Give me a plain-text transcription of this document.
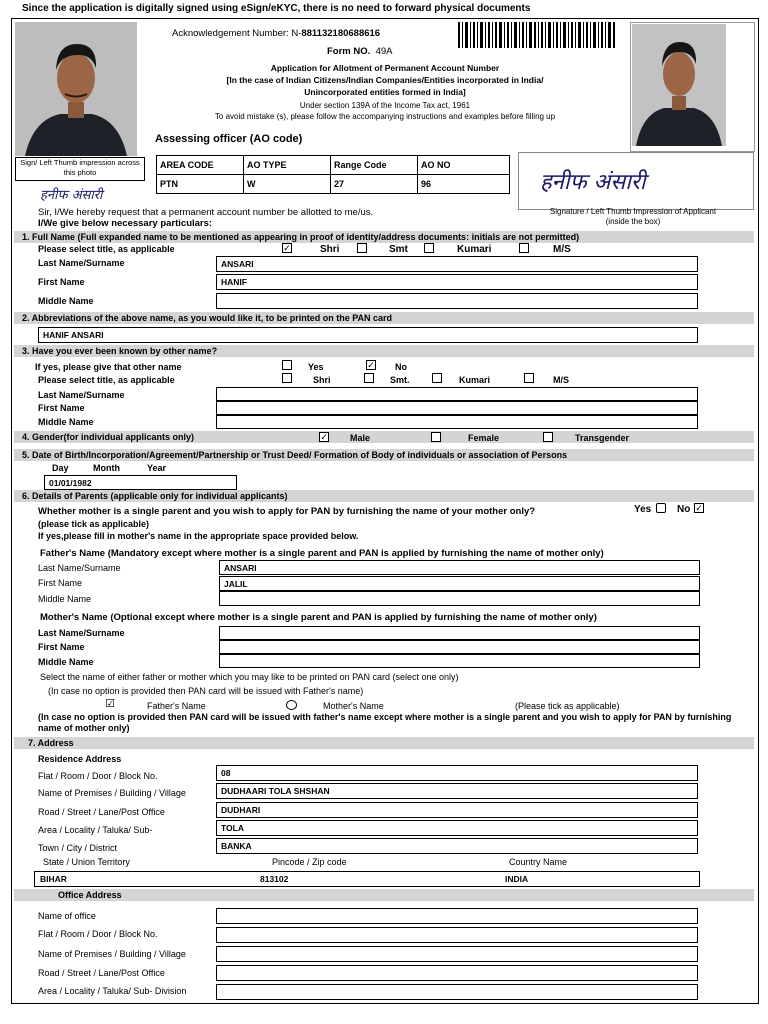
Since the application is digitally signed using eSign/eKYC, there is no need to forward physical documents
Sign/ Left Thumb impression across this photo
Acknowledgement Number: N-881132180688616
Form NO. 49A
Application for Allotment of Permanent Account Number
[In the case of Indian Citizens/Indian Companies/Entities incorporated in India/
Unincorporated entities formed in India]
Under section 139A of the Income Tax act, 1961
To avoid mistake (s), please follow the accompanying instructions and examples before filling up
Assessing officer (AO code)
AREA CODE	AO TYPE	Range Code	AO NO
PTN	W	27	96	हनीफ अंसारी
Signature / Left Thumb Impression of Applicant (inside the box)
हनीफ अंसारी
Sir, I/We hereby request that a permanent account number be allotted to me/us.
I/We give below necessary particulars:
1. Full Name (Full expanded name to be mentioned as appearing in proof of identity/address documents: initials are not permitted)
Please select title, as applicable	✓	Shri	Smt	Kumari	M/S
Last Name/Surname	ANSARI
First Name	HANIF
Middle Name
2. Abbreviations of the above name, as you would like it, to be printed on the PAN card
HANIF ANSARI
3. Have you ever been known by other name?
If yes, please give that other name	Yes	✓ No
Please select title, as applicable	Shri	Smt.	Kumari	M/S
Last Name/Surname
First Name
Middle Name
4. Gender(for individual applicants only)	✓ Male	Female	Transgender
5. Date of Birth/Incorporation/Agreement/Partnership or Trust Deed/ Formation of Body of individuals or association of Persons
Day	Month	Year
01/01/1982
6. Details of Parents (applicable only for individual applicants)
Whether mother is a single parent and you wish to apply for PAN by furnishing the name of your mother only?
(please tick as applicable)
If yes,please fill in mother's name in the appropriate space provided below.
Yes	No ✓
Father's Name (Mandatory except where mother is a single parent and PAN is applied by furnishing the name of mother only)
Last Name/Surname	ANSARI
First Name	JALIL
Middle Name
Mother's Name (Optional except where mother is a single parent and PAN is applied by furnishing the name of mother only)
Last Name/Surname
First Name
Middle Name
Select the name of either father or mother which you may like to be printed on PAN card (select one only)
(In case no option is provided then PAN card will be issued with Father's name)
☑	Father's Name	Mother's Name	(Please tick as applicable)
(In case no option is provided then PAN card will be issued with father's name except where mother is a single parent and you wish to apply for PAN by furnishing name of mother only)
7. Address
Residence Address
Flat / Room / Door / Block No.	08
Name of Premises / Building / Village	DUDHAARI TOLA SHSHAN
Road / Street / Lane/Post Office	DUDHARI
Area / Locality / Taluka/ Sub-	TOLA
Town / City / District	BANKA
State / Union Territory	Pincode / Zip code	Country Name
BIHAR	813102	INDIA
Office Address
Name of office
Flat / Room / Door / Block No.
Name of Premises / Building / Village
Road / Street / Lane/Post Office
Area / Locality / Taluka/ Sub- Division
